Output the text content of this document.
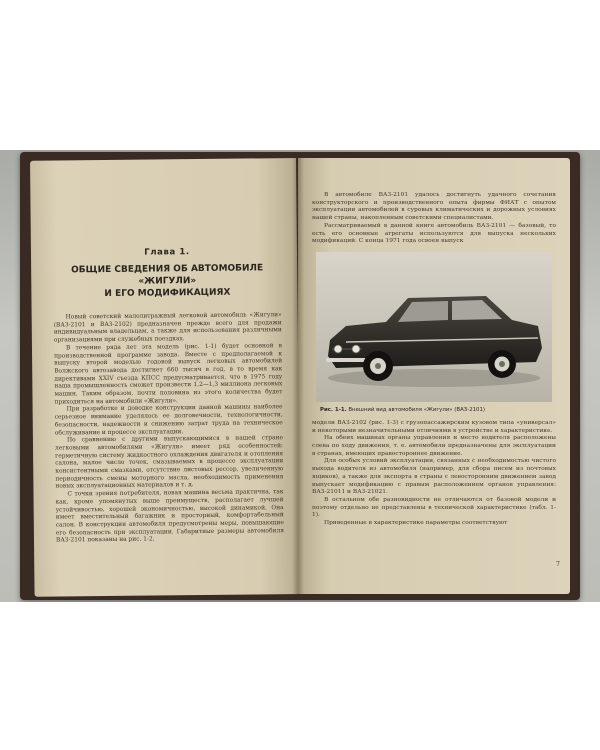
Глава 1.
ОБЩИЕ СВЕДЕНИЯ ОБ АВТОМОБИЛЕ «ЖИГУЛИ»
И ЕГО МОДИФИКАЦИЯХ

Новый советский малолитражный легковой автомобиль «Жигули» (ВАЗ-2101 и ВАЗ-2102) предназначен прежде всего для продажи индивидуальным владельцам, а также для использования различными организациями при служебных поездках.

В течение ряда лет эта модель (рис. 1-1) будет основной в производственной программе завода. Вместе с предполагаемой к выпуску второй моделью годовой выпуск легковых автомобилей Волжского автозавода достигнет 660 тысяч в год, в то время как директивами XXIV съезда КПСС предусматривается, что в 1975 году наша промышленность сможет произвести 1,2—1,3 миллиона легковых машин. Таким образом, почти половина из этого количества будет приходиться на автомобили «Жигули».

При разработке и доводке конструкции данной машины наиболее серьезное внимание уделялось ее долговечности, технологичности, безопасности, надежности и снижению затрат труда на техническое обслуживание и процессе эксплуатации.

По сравнению с другими выпускающимися в нашей стране легковыми автомобилями «Жигули» имеет ряд особенностей: герметичную систему жидкостного охлаждения двигателя и отопления салона, малое число точек, смазываемых в процессе эксплуатации консистентными смазками, отсутствие листовых рессор, увеличенную периодичность смены моторного масла, необходимость применения новых эксплуатационных материалов и т. д.

С точки зрения потребителя, новая машина весьма практична, так как, кроме упомянутых выше преимуществ, располагает лучшей устойчивостью, хорошей экономичностью, высокой динамикой. Она имеет вместительный багажник и просторный, комфортабельный салон. В конструкции автомобиля предусмотрены меры, повышающие его безопасность при эксплуатации. Габаритные размеры автомобиля ВАЗ-2101 показаны на рис. 1-2.

В автомобиле ВАЗ-2101 удалось достигнуть удачного сочетания конструкторского и производственного опыта фирмы ФИАТ с опытом эксплуатации автомобилей в суровых климатических и дорожных условиях нашей страны, накопленным советскими специалистами.

Рассматриваемый в данной книге автомобиль ВАЗ-2101 — базовый, то есть его основные агрегаты используются для выпуска нескольких модификаций. С конца 1971 года освоен выпуск

Рис. 1-1. Внешний вид автомобиля «Жигули» (ВАЗ-2101)

модели ВАЗ-2102 (рис. 1-3) с грузопассажирским кузовом типа «универсал» и некоторыми незначительными отличиями в устройстве и характеристике.

На обеих машинах органы управления и место водителя расположены слева по ходу движения, т. е. автомобили предназначены для эксплуатации в странах, имеющих правостороннее движение.

Для особых условий эксплуатации, связанных с необходимостью чистого выхода водителя из автомобиля (например, для сбора писем из почтовых ящиков), а также для экспорта в страны с левосторонним движением завод выпускает модификацию с правым расположением органов управления: ВАЗ-21011 и ВАЗ-21021.

В остальном обе разновидности не отличаются от базовой модели и поэтому отдельно не представлены в технической характеристике (табл. 1-1).

Приведенные в характеристике параметры соответствуют

7
